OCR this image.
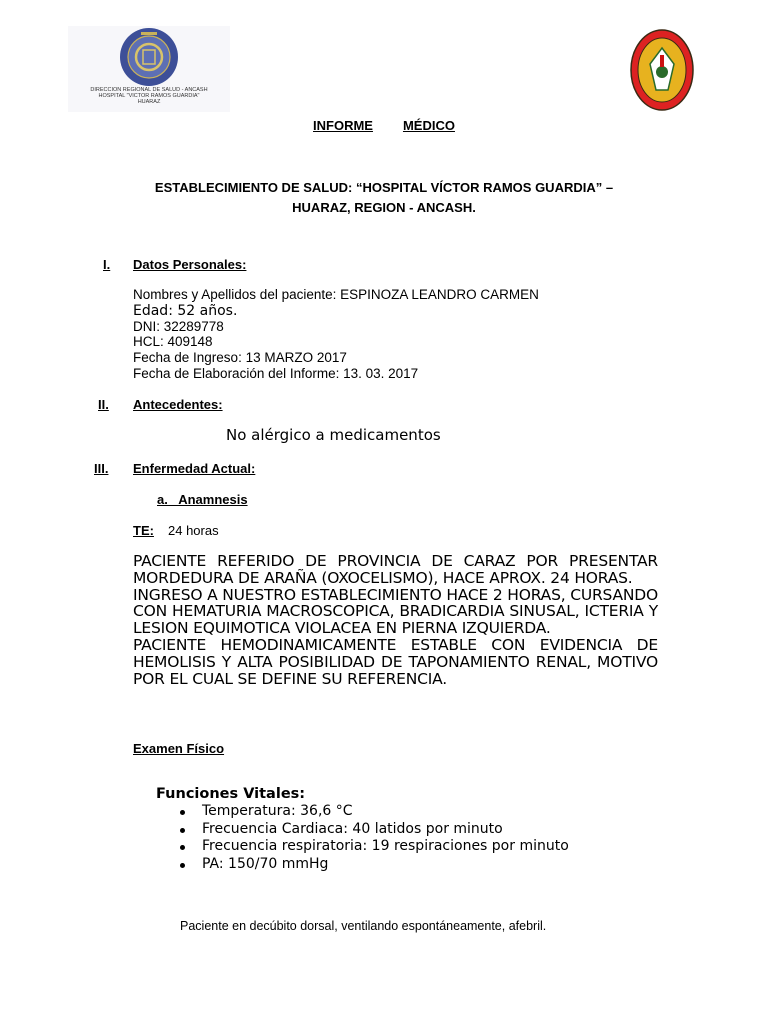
DIRECCION REGIONAL DE SALUD - ANCASH
HOSPITAL "VICTOR RAMOS GUARDIA"
HUARAZ
INFORME MÉDICO
ESTABLECIMIENTO DE SALUD: “HOSPITAL VÍCTOR RAMOS GUARDIA” –
HUARAZ, REGION - ANCASH.
I. Datos Personales:
Nombres y Apellidos del paciente: ESPINOZA LEANDRO CARMEN
Edad: 52 años.
DNI: 32289778
HCL: 409148
Fecha de Ingreso: 13 MARZO 2017
Fecha de Elaboración del Informe: 13. 03. 2017
II. Antecedentes:
No alérgico a medicamentos
III. Enfermedad Actual:
a.   Anamnesis
TE: 24 horas

PACIENTE REFERIDO DE PROVINCIA DE CARAZ POR PRESENTAR MORDEDURA DE ARAÑA (OXOCELISMO), HACE APROX. 24 HORAS.

INGRESO A NUESTRO ESTABLECIMIENTO HACE 2 HORAS, CURSANDO CON HEMATURIA MACROSCOPICA, BRADICARDIA SINUSAL, ICTERIA Y LESION EQUIMOTICA VIOLACEA EN PIERNA IZQUIERDA.

PACIENTE HEMODINAMICAMENTE ESTABLE CON EVIDENCIA DE HEMOLISIS Y ALTA POSIBILIDAD DE TAPONAMIENTO RENAL, MOTIVO POR EL CUAL SE DEFINE SU REFERENCIA.

Examen Físico
Funciones Vitales:
Temperatura: 36,6 °C
Frecuencia Cardiaca: 40 latidos por minuto
Frecuencia respiratoria: 19 respiraciones por minuto
PA: 150/70 mmHg
Paciente en decúbito dorsal, ventilando espontáneamente, afebril.
